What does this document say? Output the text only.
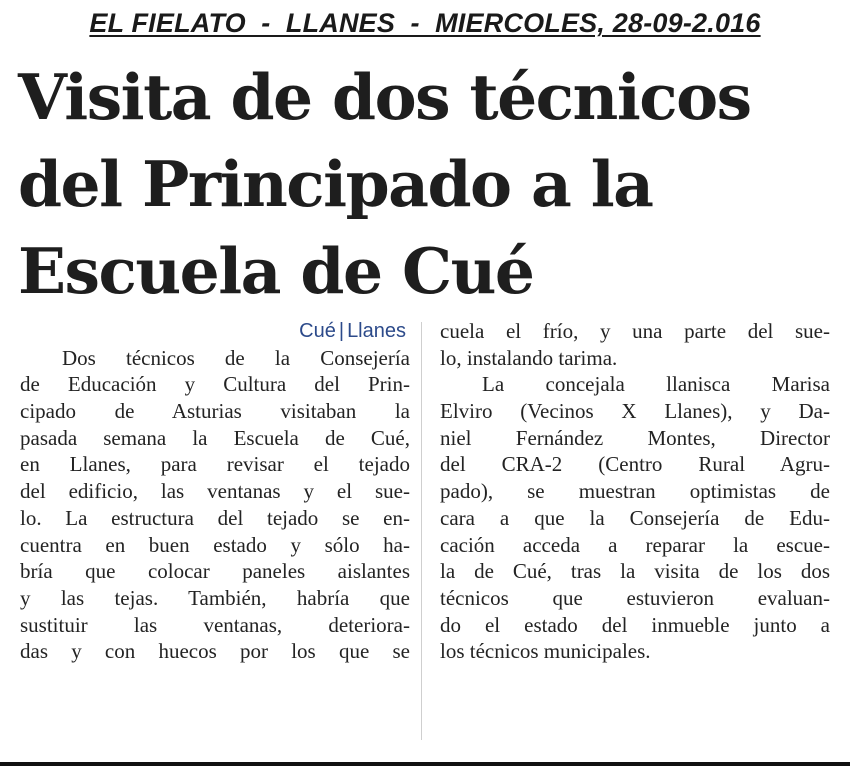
EL FIELATO  -  LLANES  -  MIERCOLES, 28-09-2.016
Visita de dos técnicos
del Principado a la
Escuela de Cué
Cué | Llanes
Dos técnicos de la Consejería
de Educación y Cultura del Prin-
cipado de Asturias visitaban la
pasada semana la Escuela de Cué,
en Llanes, para revisar el tejado
del edificio, las ventanas y el sue-
lo. La estructura del tejado se en-
cuentra en buen estado y sólo ha-
bría que colocar paneles aislantes
y las tejas. También, habría que
sustituir las ventanas, deteriora-
das y con huecos por los que se
cuela el frío, y una parte del sue-
lo, instalando tarima.
La concejala llanisca Marisa
Elviro (Vecinos X Llanes), y Da-
niel Fernández Montes, Director
del CRA-2 (Centro Rural Agru-
pado), se muestran optimistas de
cara a que la Consejería de Edu-
cación acceda a reparar la escue-
la de Cué, tras la visita de los dos
técnicos que estuvieron evaluan-
do el estado del inmueble junto a
los técnicos municipales.
